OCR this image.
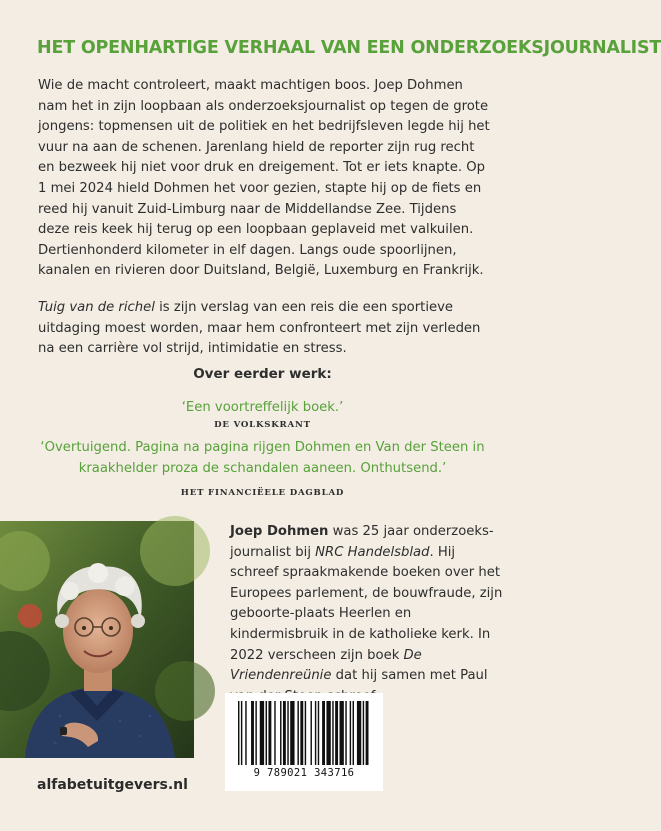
HET OPENHARTIGE VERHAAL VAN EEN ONDERZOEKSJOURNALIST

Wie de macht controleert, maakt machtigen boos. Joep Dohmen nam het in zijn loopbaan als onderzoeksjournalist op tegen de grote jongens: topmensen uit de politiek en het bedrijfsleven legde hij het vuur na aan de schenen. Jarenlang hield de reporter zijn rug recht en bezweek hij niet voor druk en dreigement. Tot er iets knapte. Op 1 mei 2024 hield Dohmen het voor gezien, stapte hij op de fiets en reed hij vanuit Zuid-Limburg naar de Middellandse Zee. Tijdens deze reis keek hij terug op een loopbaan geplaveid met valkuilen. Dertienhonderd kilometer in elf dagen. Langs oude spoorlijnen, kanalen en rivieren door Duitsland, België, Luxemburg en Frankrijk.

Tuig van de richel is zijn verslag van een reis die een sportieve uitdaging moest worden, maar hem confronteert met zijn verleden na een carrière vol strijd, intimidatie en stress.

Over eerder werk:
‘Een voortreffelijk boek.’
DE VOLKSKRANT
‘Overtuigend. Pagina na pagina rijgen Dohmen en Van der Steen in kraakhelder proza de schandalen aaneen. Onthutsend.’
HET FINANCIËELE DAGBLAD
Joep Dohmen was 25 jaar onderzoeks-journalist bij NRC Handelsblad. Hij schreef spraakmakende boeken over het Europees parlement, de bouwfraude, zijn geboorte-plaats Heerlen en kindermisbruik in de katholieke kerk. In 2022 verscheen zijn boek De Vriendenreünie dat hij samen met Paul
9 789021 343716
alfabetuitgevers.nl
